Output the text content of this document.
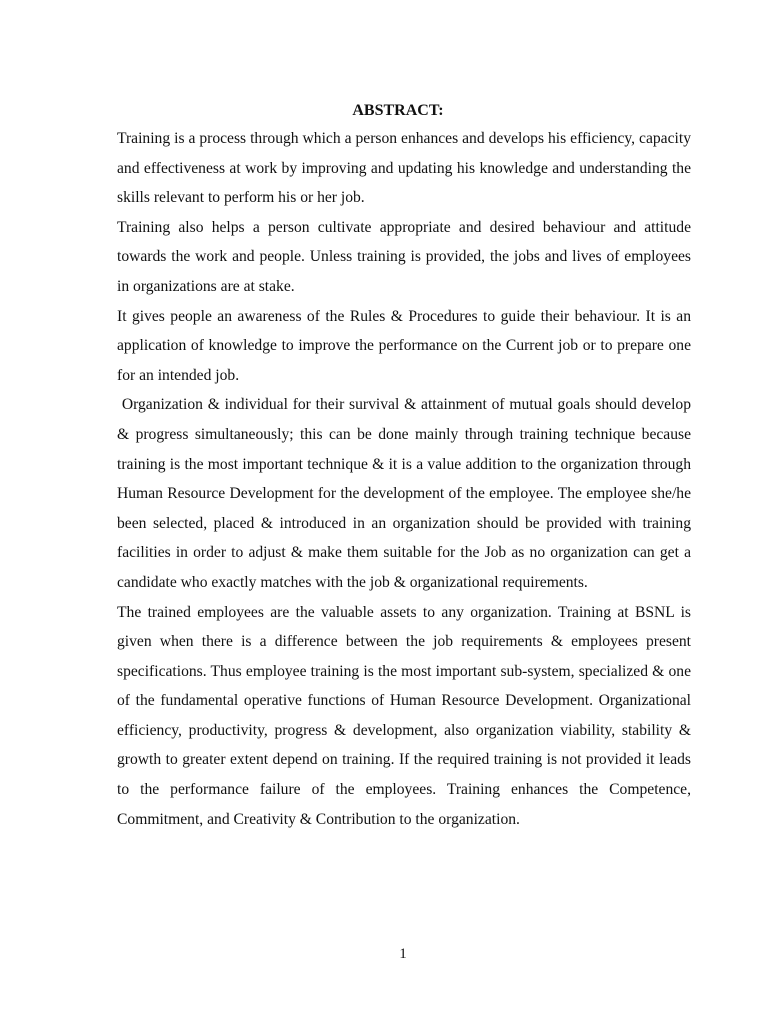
ABSTRACT:

Training is a process through which a person enhances and develops his efficiency, capacity and effectiveness at work by improving and updating his knowledge and understanding the skills relevant to perform his or her job.

Training also helps a person cultivate appropriate and desired behaviour and attitude towards the work and people. Unless training is provided, the jobs and lives of employees in organizations are at stake.

It gives people an awareness of the Rules & Procedures to guide their behaviour. It is an application of knowledge to improve the performance on the Current job or to prepare one for an intended job.

Organization & individual for their survival & attainment of mutual goals should develop & progress simultaneously; this can be done mainly through training technique because training is the most important technique & it is a value addition to the organization through Human Resource Development for the development of the employee. The employee she/he been selected, placed & introduced in an organization should be provided with training facilities in order to adjust & make them suitable for the Job as no organization can get a candidate who exactly matches with the job & organizational requirements.

The trained employees are the valuable assets to any organization. Training at BSNL is given when there is a difference between the job requirements & employees present specifications. Thus employee training is the most important sub-system, specialized & one of the fundamental operative functions of Human Resource Development. Organizational efficiency, productivity, progress & development, also organization viability, stability & growth to greater extent depend on training. If the required training is not provided it leads to the performance failure of the employees. Training enhances the Competence, Commitment, and Creativity & Contribution to the organization.

1
